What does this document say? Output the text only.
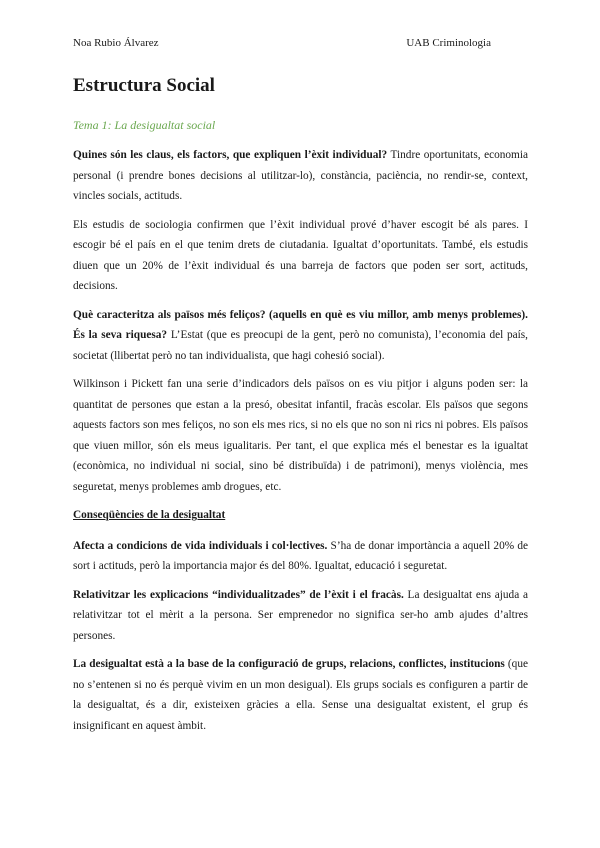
Noa Rubio Álvarez	UAB Criminologia
Estructura Social
Tema 1: La desigualtat social

Quines són les claus, els factors, que expliquen l’èxit individual? Tindre oportunitats, economia personal (i prendre bones decisions al utilitzar-lo), constància, paciència, no rendir-se, context, vincles socials, actituds.

Els estudis de sociologia confirmen que l’èxit individual prové d’haver escogit bé als pares. I escogir bé el país en el que tenim drets de ciutadania. Igualtat d’oportunitats. També, els estudis diuen que un 20% de l’èxit individual és una barreja de factors que poden ser sort, actituds, decisions.

Què caracteritza als països més feliços? (aquells en què es viu millor, amb menys problemes). És la seva riquesa? L’Estat (que es preocupi de la gent, però no comunista), l’economia del país, societat (llibertat però no tan individualista, que hagi cohesió social).

Wilkinson i Pickett fan una serie d’indicadors dels països on es viu pitjor i alguns poden ser: la quantitat de persones que estan a la presó, obesitat infantil, fracàs escolar. Els països que segons aquests factors son mes feliços, no son els mes rics, si no els que no son ni rics ni pobres. Els països que viuen millor, són els meus igualitaris. Per tant, el que explica més el benestar es la igualtat (econòmica, no individual ni social, sino bé distribuïda) i de patrimoni), menys violència, mes seguretat, menys problemes amb drogues, etc.

Conseqüències de la desigualtat

Afecta a condicions de vida individuals i col·lectives. S’ha de donar importància a aquell 20% de sort i actituds, però la importancia major és del 80%. Igualtat, educació i seguretat.

Relativitzar les explicacions “individualitzades” de l’èxit i el fracàs. La desigualtat ens ajuda a relativitzar tot el mèrit a la persona. Ser emprenedor no significa ser-ho amb ajudes d’altres persones.

La desigualtat està a la base de la configuració de grups, relacions, conflictes, institucions (que no s’entenen si no és perquè vivim en un mon desigual). Els grups socials es configuren a partir de la desigualtat, és a dir, existeixen gràcies a ella. Sense una desigualtat existent, el grup és insignificant en aquest àmbit.
